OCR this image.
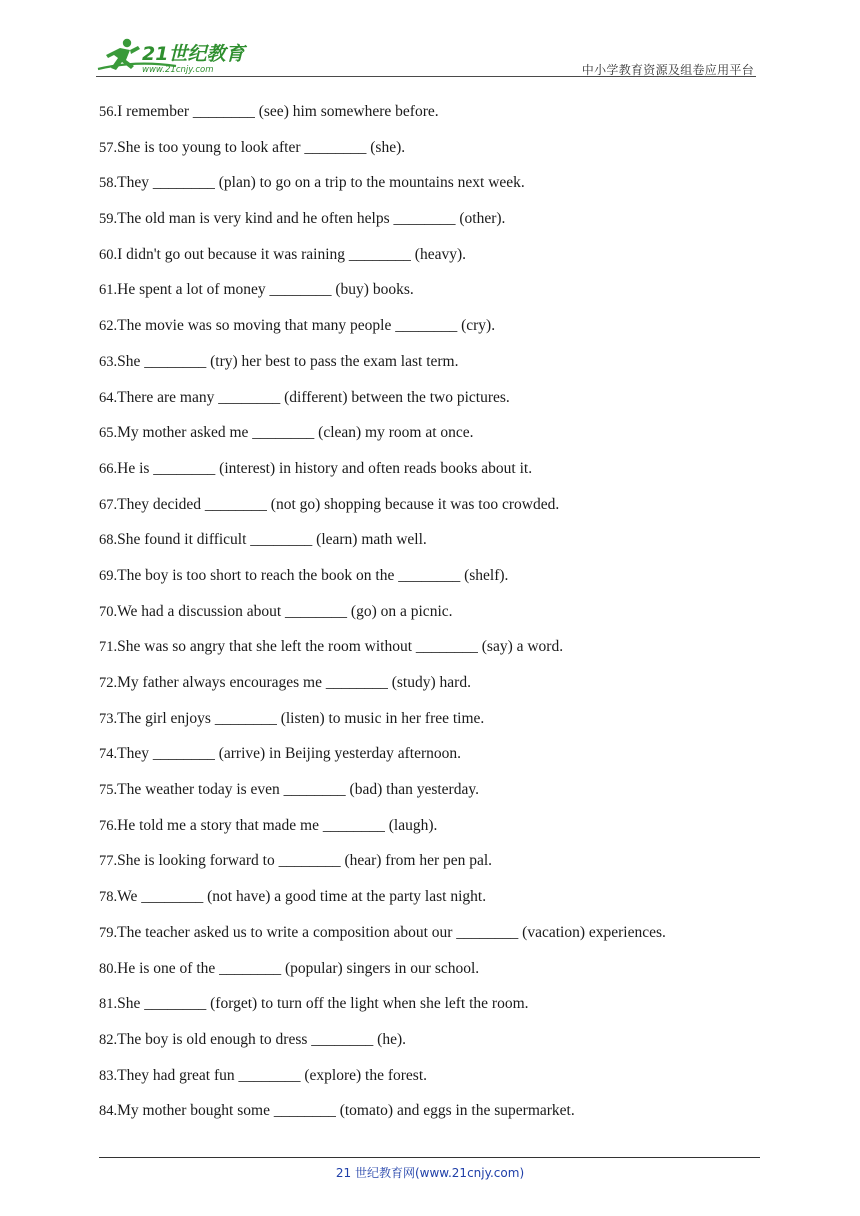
21世纪教育
www.21cnjy.com	中小学教育资源及组卷应用平台
56.I remember ________ (see) him somewhere before.
57.She is too young to look after ________ (she).
58.They ________ (plan) to go on a trip to the mountains next week.
59.The old man is very kind and he often helps ________ (other).
60.I didn't go out because it was raining ________ (heavy).
61.He spent a lot of money ________ (buy) books.
62.The movie was so moving that many people ________ (cry).
63.She ________ (try) her best to pass the exam last term.
64.There are many ________ (different) between the two pictures.
65.My mother asked me ________ (clean) my room at once.
66.He is ________ (interest) in history and often reads books about it.
67.They decided ________ (not go) shopping because it was too crowded.
68.She found it difficult ________ (learn) math well.
69.The boy is too short to reach the book on the ________ (shelf).
70.We had a discussion about ________ (go) on a picnic.
71.She was so angry that she left the room without ________ (say) a word.
72.My father always encourages me ________ (study) hard.
73.The girl enjoys ________ (listen) to music in her free time.
74.They ________ (arrive) in Beijing yesterday afternoon.
75.The weather today is even ________ (bad) than yesterday.
76.He told me a story that made me ________ (laugh).
77.She is looking forward to ________ (hear) from her pen pal.
78.We ________ (not have) a good time at the party last night.
79.The teacher asked us to write a composition about our ________ (vacation) experiences.
80.He is one of the ________ (popular) singers in our school.
81.She ________ (forget) to turn off the light when she left the room.
82.The boy is old enough to dress ________ (he).
83.They had great fun ________ (explore) the forest.
84.My mother bought some ________ (tomato) and eggs in the supermarket.
21 世纪教育网(www.21cnjy.com)
